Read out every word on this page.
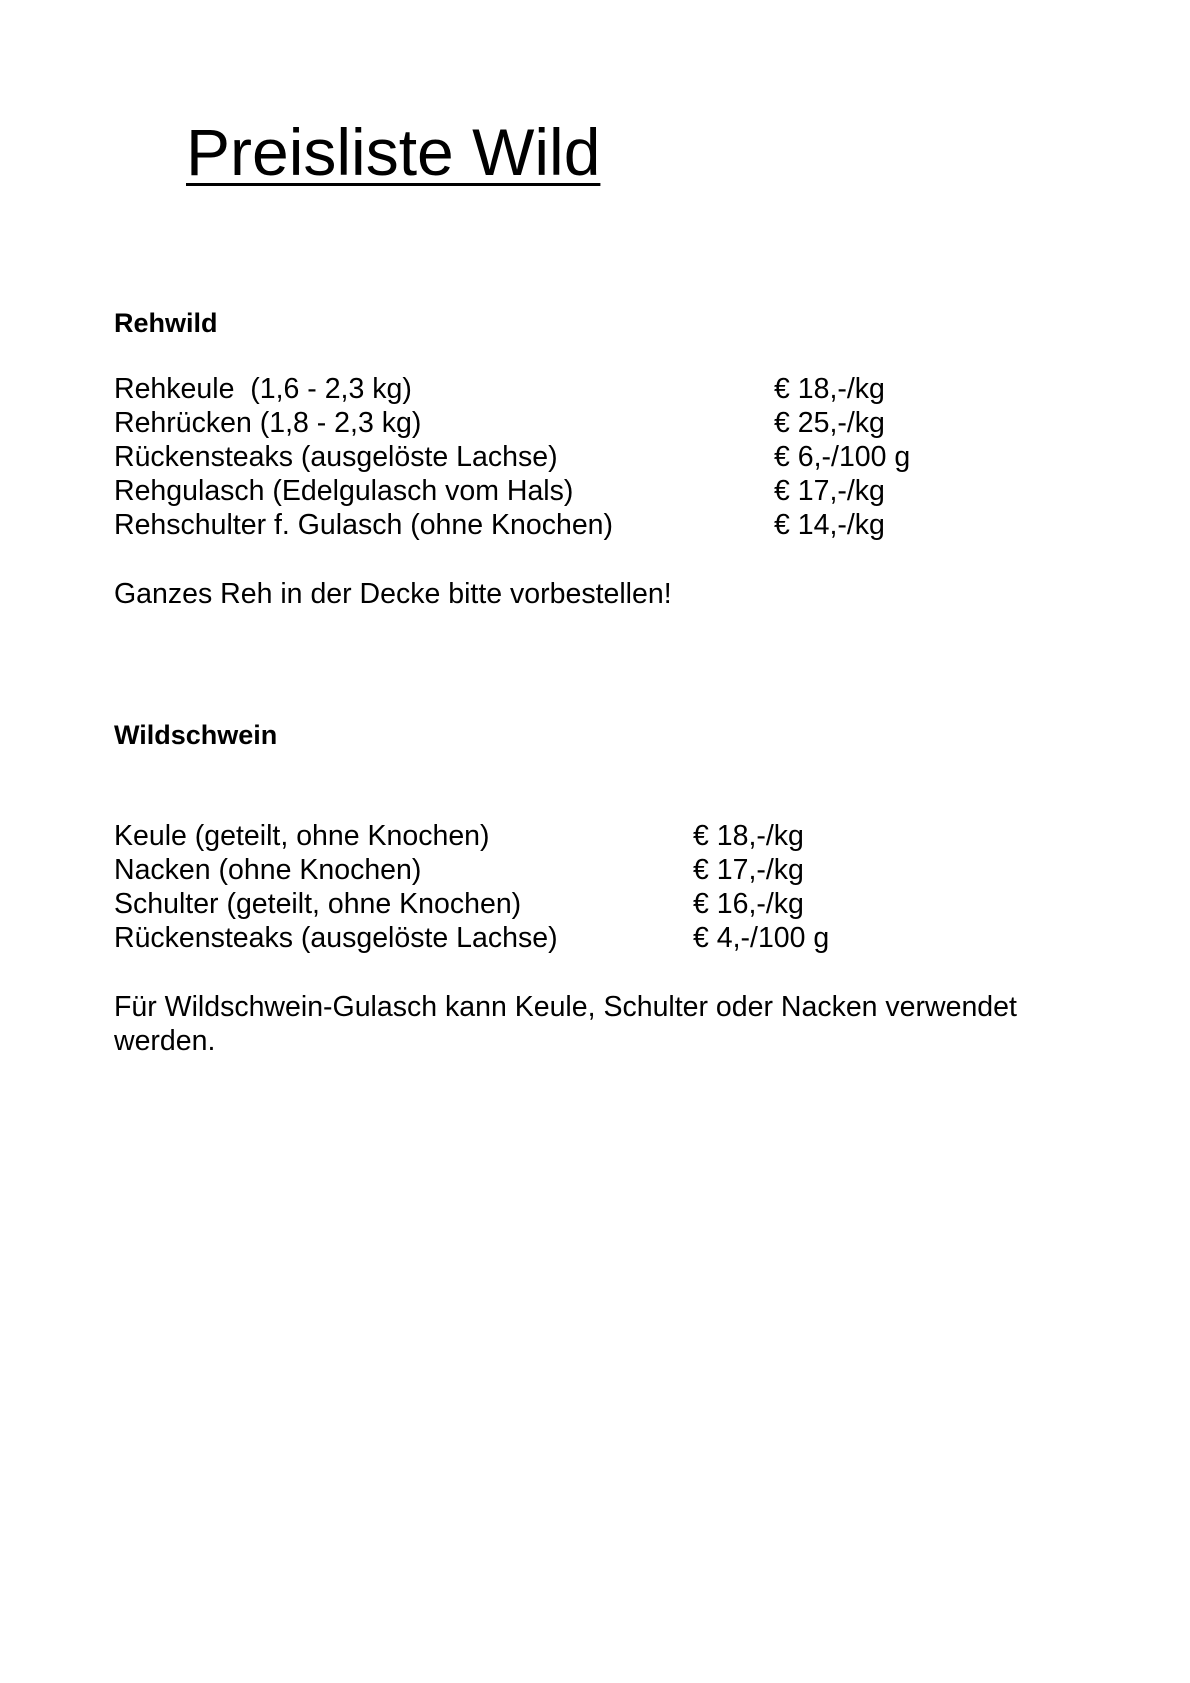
Preisliste Wild
Rehwild
Rehkeule  (1,6 - 2,3 kg)	€ 18,-/kg
Rehrücken (1,8 - 2,3 kg)	€ 25,-/kg
Rückensteaks (ausgelöste Lachse)	€ 6,-/100 g
Rehgulasch (Edelgulasch vom Hals)	€ 17,-/kg
Rehschulter f. Gulasch (ohne Knochen)	€ 14,-/kg
Ganzes Reh in der Decke bitte vorbestellen!
Wildschwein
Keule (geteilt, ohne Knochen)	€ 18,-/kg
Nacken (ohne Knochen)	€ 17,-/kg
Schulter (geteilt, ohne Knochen)	€ 16,-/kg
Rückensteaks (ausgelöste Lachse)	€ 4,-/100 g
Für Wildschwein-Gulasch kann Keule, Schulter oder Nacken verwendet werden.
